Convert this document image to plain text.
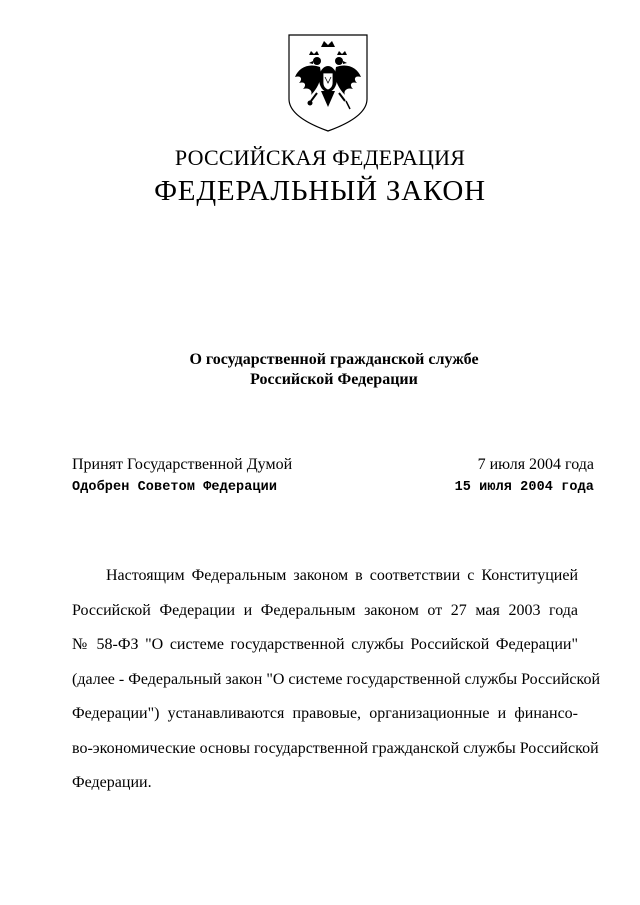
РОССИЙСКАЯ ФЕДЕРАЦИЯ
ФЕДЕРАЛЬНЫЙ ЗАКОН
О государственной гражданской службе
Российской Федерации
Принят Государственной Думой	7 июля 2004 года
Одобрен Советом Федерации	15 июля 2004 года
Настоящим Федеральным законом в соответствии с Конституцией
Российской Федерации и Федеральным законом от 27 мая 2003 года
№ 58-ФЗ "О системе государственной службы Российской Федерации"
(далее - Федеральный закон "О системе государственной службы Российской
Федерации") устанавливаются правовые, организационные и финансо-
во-экономические основы государственной гражданской службы Российской
Федерации.
